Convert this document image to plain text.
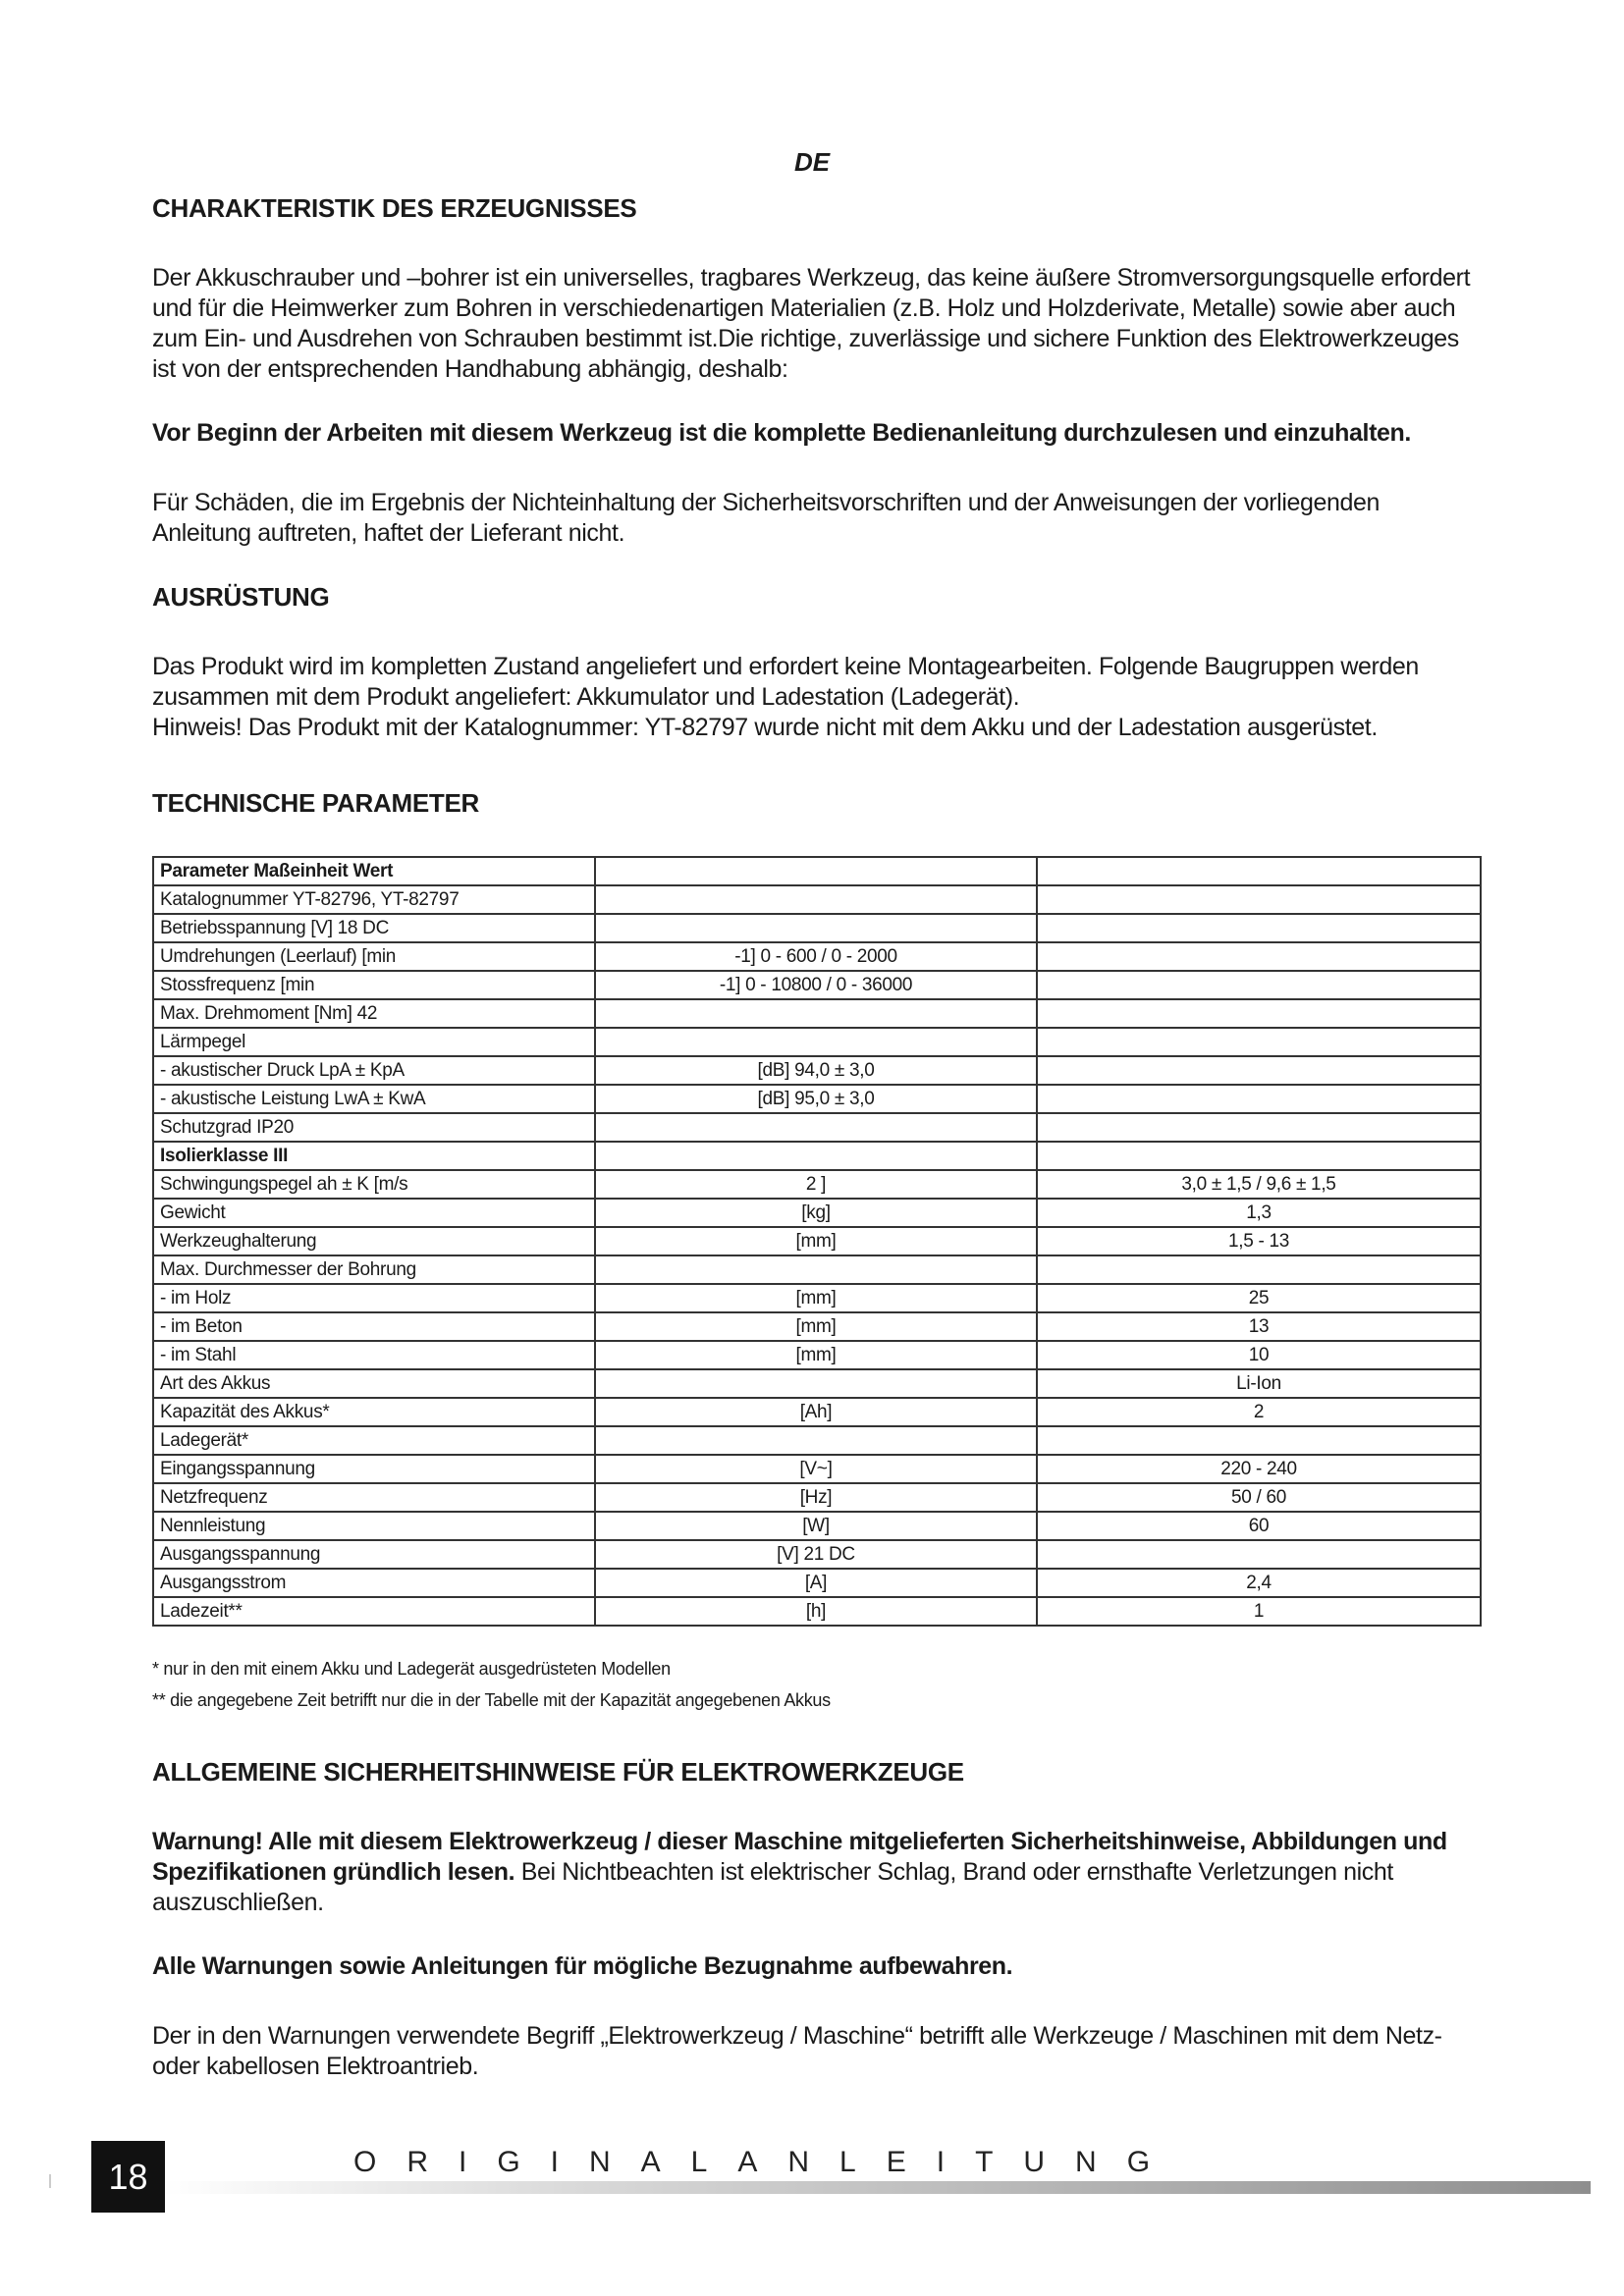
DE
CHARAKTERISTIK DES ERZEUGNISSES

Der Akkuschrauber und –bohrer ist ein universelles, tragbares Werkzeug, das keine äußere Stromversorgungsquelle erfordert und für die Heimwerker zum Bohren in verschiedenartigen Materialien (z.B. Holz und Holzderivate, Metalle) sowie aber auch zum Ein- und Ausdrehen von Schrauben bestimmt ist.Die richtige, zuverlässige und sichere Funktion des Elektrowerkzeuges ist von der entsprechenden Handhabung abhängig, deshalb:

Vor Beginn der Arbeiten mit diesem Werkzeug ist die komplette Bedienanleitung durchzulesen und einzuhalten.

Für Schäden, die im Ergebnis der Nichteinhaltung der Sicherheitsvorschriften und der Anweisungen der vorliegenden Anleitung auftreten, haftet der Lieferant nicht.

AUSRÜSTUNG

Das Produkt wird im kompletten Zustand angeliefert und erfordert keine Montagearbeiten. Folgende Baugruppen werden zusammen mit dem Produkt angeliefert: Akkumulator und Ladestation (Ladegerät).

Hinweis! Das Produkt mit der Katalognummer: YT-82797 wurde nicht mit dem Akku und der Ladestation ausgerüstet.

TECHNISCHE PARAMETER
Parameter Maßeinheit Wert		
Katalognummer YT-82796, YT-82797		
Betriebsspannung [V] 18 DC		
Umdrehungen (Leerlauf) [min	-1] 0 - 600 / 0 - 2000	
Stossfrequenz [min	-1] 0 - 10800 / 0 - 36000	
Max. Drehmoment [Nm] 42		
Lärmpegel		
- akustischer Druck LpA ± KpA	[dB] 94,0 ± 3,0	
- akustische Leistung LwA ± KwA	[dB] 95,0 ± 3,0	
Schutzgrad IP20		
Isolierklasse III		
Schwingungspegel ah ± K [m/s	2 ]	3,0 ± 1,5 / 9,6 ± 1,5
Gewicht	[kg]	1,3
Werkzeughalterung	[mm]	1,5 - 13
Max. Durchmesser der Bohrung		
- im Holz	[mm]	25
- im Beton	[mm]	13
- im Stahl	[mm]	10
Art des Akkus		Li-Ion
Kapazität des Akkus*	[Ah]	2
Ladegerät*		
Eingangsspannung	[V~]	220 - 240
Netzfrequenz	[Hz]	50 / 60
Nennleistung	[W]	60
Ausgangsspannung	[V] 21 DC	
Ausgangsstrom	[A]	2,4
Ladezeit**	[h]	1

* nur in den mit einem Akku und Ladegerät ausgedrüsteten Modellen

** die angegebene Zeit betrifft nur die in der Tabelle mit der Kapazität angegebenen Akkus

ALLGEMEINE SICHERHEITSHINWEISE FÜR ELEKTROWERKZEUGE

Warnung! Alle mit diesem Elektrowerkzeug / dieser Maschine mitgelieferten Sicherheitshinweise, Abbildungen und Spezifikationen gründlich lesen. Bei Nichtbeachten ist elektrischer Schlag, Brand oder ernsthafte Verletzungen nicht auszuschließen.

Alle Warnungen sowie Anleitungen für mögliche Bezugnahme aufbewahren.

Der in den Warnungen verwendete Begriff „Elektrowerkzeug / Maschine“ betrifft alle Werkzeuge / Maschinen mit dem Netz- oder kabellosen Elektroantrieb.

ORIGINALANLEITUNG
18
